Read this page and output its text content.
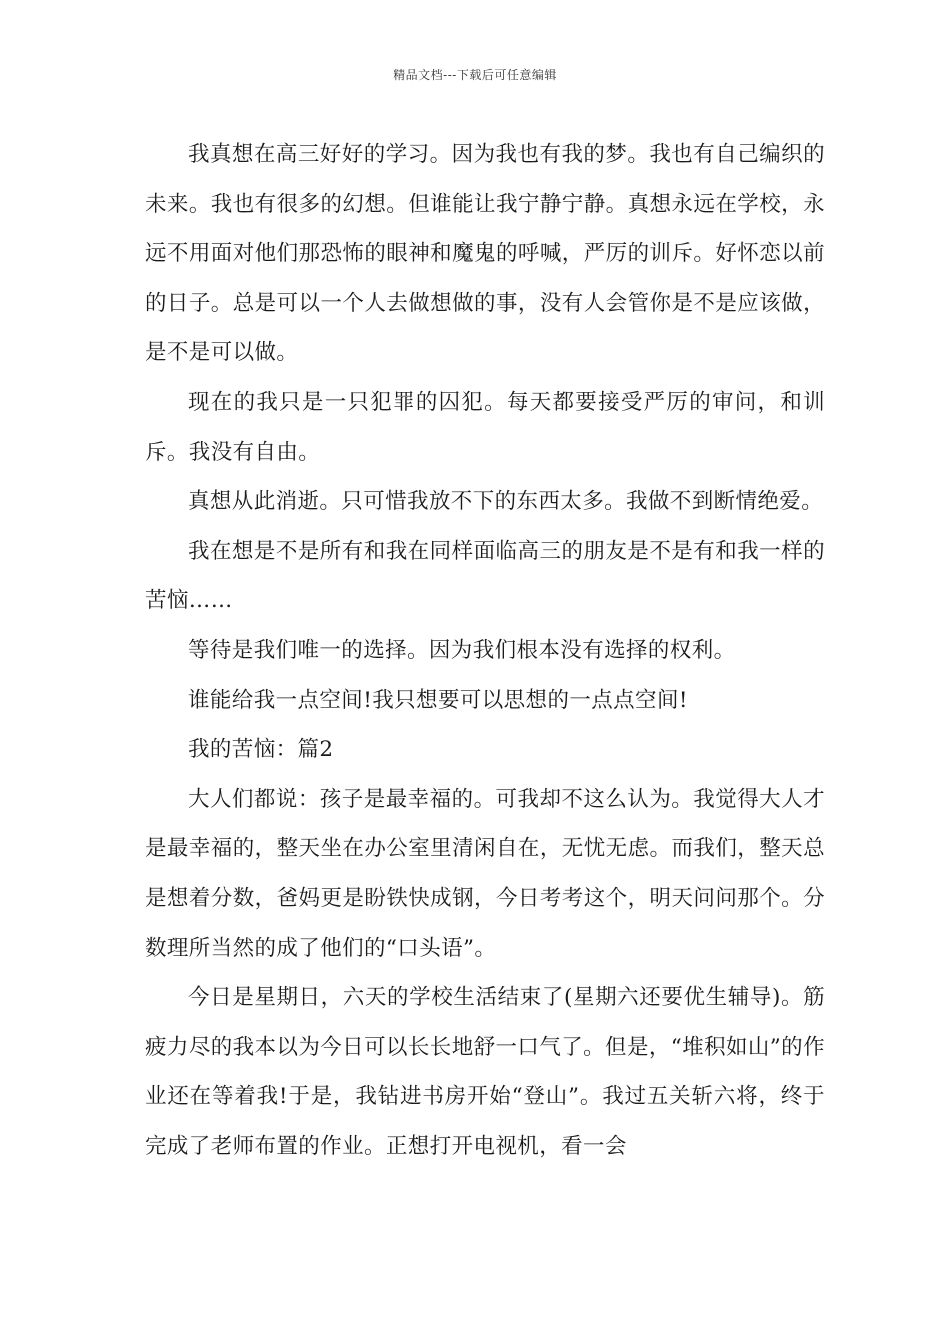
精品文档---下载后可任意编辑

我真想在高三好好的学习。因为我也有我的梦。我也有自己编织的未来。我也有很多的幻想。但谁能让我宁静宁静。真想永远在学校，永远不用面对他们那恐怖的眼神和魔鬼的呼喊，严厉的训斥。好怀恋以前的日子。总是可以一个人去做想做的事，没有人会管你是不是应该做，是不是可以做。

现在的我只是一只犯罪的囚犯。每天都要接受严厉的审问，和训斥。我没有自由。

真想从此消逝。只可惜我放不下的东西太多。我做不到断情绝爱。

我在想是不是所有和我在同样面临高三的朋友是不是有和我一样的苦恼……

等待是我们唯一的选择。因为我们根本没有选择的权利。

谁能给我一点空间!我只想要可以思想的一点点空间!

我的苦恼：篇2

大人们都说：孩子是最幸福的。可我却不这么认为。我觉得大人才是最幸福的，整天坐在办公室里清闲自在，无忧无虑。而我们，整天总是想着分数，爸妈更是盼铁快成钢，今日考考这个，明天问问那个。分数理所当然的成了他们的“口头语”。

今日是星期日，六天的学校生活结束了(星期六还要优生辅导)。筋疲力尽的我本以为今日可以长长地舒一口气了。但是，“堆积如山”的作业还在等着我!于是，我钻进书房开始“登山”。我过五关斩六将，终于完成了老师布置的作业。正想打开电视机，看一会
